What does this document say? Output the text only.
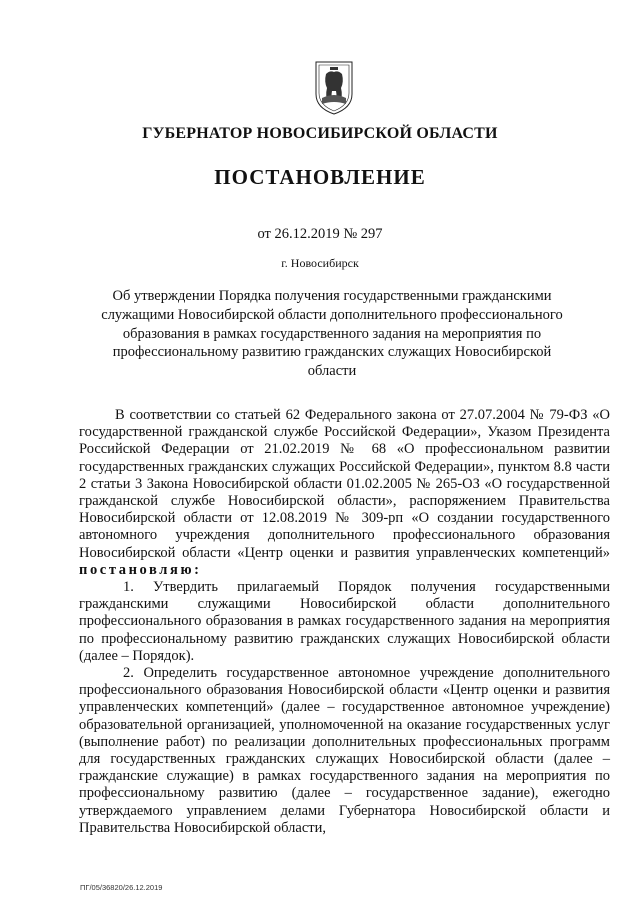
ГУБЕРНАТОР НОВОСИБИРСКОЙ ОБЛАСТИ
ПОСТАНОВЛЕНИЕ
от 26.12.2019 № 297
г. Новосибирск
Об утверждении Порядка получения государственными гражданскими служащими Новосибирской области дополнительного профессионального образования в рамках государственного задания на мероприятия по профессиональному развитию гражданских служащих Новосибирской области

В соответствии со статьей 62 Федерального закона от 27.07.2004 № 79-ФЗ «О государственной гражданской службе Российской Федерации», Указом Президента Российской Федерации от 21.02.2019 № 68 «О профессиональном развитии государственных гражданских служащих Российской Федерации», пунктом 8.8 части 2 статьи 3 Закона Новосибирской области 01.02.2005 № 265-ОЗ «О государственной гражданской службе Новосибирской области», распоряжением Правительства Новосибирской области от 12.08.2019 № 309-рп «О создании государственного автономного учреждения дополнительного профессионального образования Новосибирской области «Центр оценки и развития управленческих компетенций» постановляю:

1. Утвердить прилагаемый Порядок получения государственными гражданскими служащими Новосибирской области дополнительного профессионального образования в рамках государственного задания на мероприятия по профессиональному развитию гражданских служащих Новосибирской области (далее – Порядок).

2. Определить государственное автономное учреждение дополнительного профессионального образования Новосибирской области «Центр оценки и развития управленческих компетенций» (далее – государственное автономное учреждение) образовательной организацией, уполномоченной на оказание государственных услуг (выполнение работ) по реализации дополнительных профессиональных программ для государственных гражданских служащих Новосибирской области (далее – гражданские служащие) в рамках государственного задания на мероприятия по профессиональному развитию (далее – государственное задание), ежегодно утверждаемого управлением делами Губернатора Новосибирской области и Правительства Новосибирской области,

ПГ/05/36820/26.12.2019
